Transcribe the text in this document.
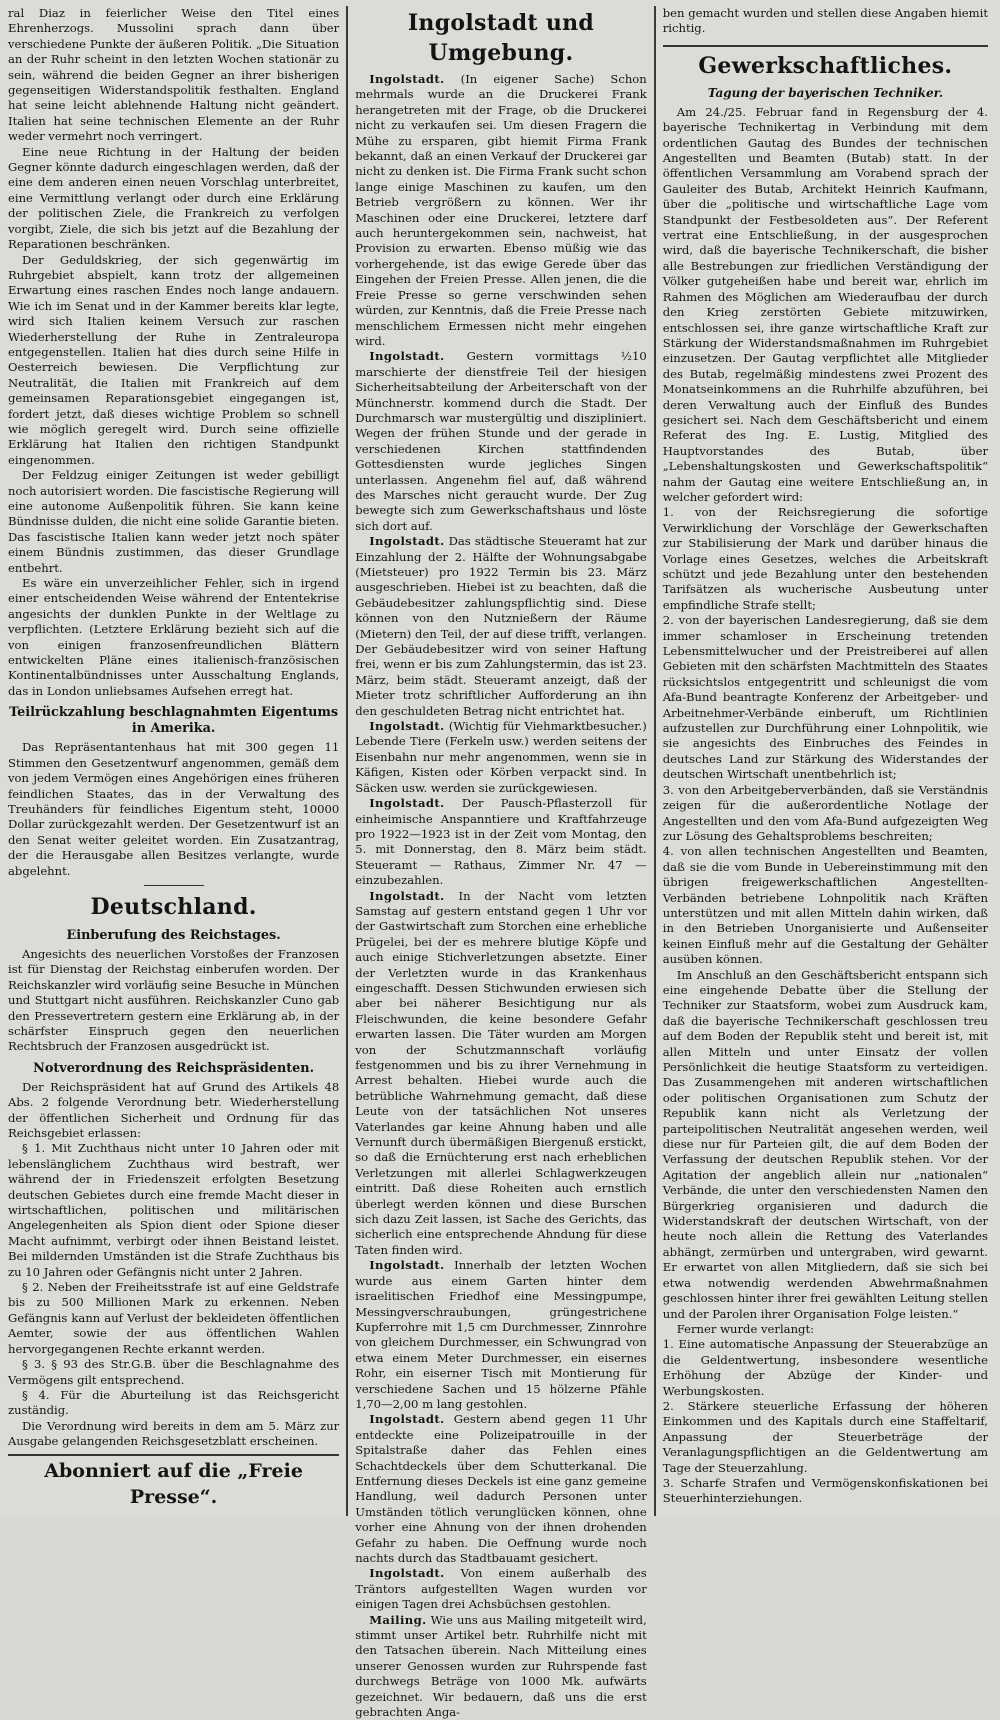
ral Diaz in feierlicher Weise den Titel eines Ehrenherzogs. Mussolini sprach dann über verschiedene Punkte der äußeren Politik. „Die Situation an der Ruhr scheint in den letzten Wochen stationär zu sein, während die beiden Gegner an ihrer bisherigen gegenseitigen Widerstandspolitik festhalten. England hat seine leicht ablehnende Haltung nicht geändert. Italien hat seine technischen Elemente an der Ruhr weder vermehrt noch verringert.

Eine neue Richtung in der Haltung der beiden Gegner könnte dadurch eingeschlagen werden, daß der eine dem anderen einen neuen Vorschlag unterbreitet, eine Vermittlung verlangt oder durch eine Erklärung der politischen Ziele, die Frankreich zu verfolgen vorgibt, Ziele, die sich bis jetzt auf die Bezahlung der Reparationen beschränken.

Der Geduldskrieg, der sich gegenwärtig im Ruhrgebiet abspielt, kann trotz der allgemeinen Erwartung eines raschen Endes noch lange andauern. Wie ich im Senat und in der Kammer bereits klar legte, wird sich Italien keinem Versuch zur raschen Wiederherstellung der Ruhe in Zentraleuropa entgegenstellen. Italien hat dies durch seine Hilfe in Oesterreich bewiesen. Die Verpflichtung zur Neutralität, die Italien mit Frankreich auf dem gemeinsamen Reparationsgebiet eingegangen ist, fordert jetzt, daß dieses wichtige Problem so schnell wie möglich geregelt wird. Durch seine offizielle Erklärung hat Italien den richtigen Standpunkt eingenommen.

Der Feldzug einiger Zeitungen ist weder gebilligt noch autorisiert worden. Die fascistische Regierung will eine autonome Außenpolitik führen. Sie kann keine Bündnisse dulden, die nicht eine solide Garantie bieten. Das fascistische Italien kann weder jetzt noch später einem Bündnis zustimmen, das dieser Grundlage entbehrt.

Es wäre ein unverzeihlicher Fehler, sich in irgend einer entscheidenden Weise während der Ententekrise angesichts der dunklen Punkte in der Weltlage zu verpflichten. (Letztere Erklärung bezieht sich auf die von einigen franzosenfreundlichen Blättern entwickelten Pläne eines italienisch-französischen Kontinentalbündnisses unter Ausschaltung Englands, das in London unliebsames Aufsehen erregt hat.

Teilrückzahlung beschlagnahmten Eigentums in Amerika.

Das Repräsentantenhaus hat mit 300 gegen 11 Stimmen den Gesetzentwurf angenommen, gemäß dem von jedem Vermögen eines Angehörigen eines früheren feindlichen Staates, das in der Verwaltung des Treuhänders für feindliches Eigentum steht, 10000 Dollar zurückgezahlt werden. Der Gesetzentwurf ist an den Senat weiter geleitet worden. Ein Zusatzantrag, der die Herausgabe allen Besitzes verlangte, wurde abgelehnt.

Deutschland.
Einberufung des Reichstages.

Angesichts des neuerlichen Vorstoßes der Franzosen ist für Dienstag der Reichstag einberufen worden. Der Reichskanzler wird vorläufig seine Besuche in München und Stuttgart nicht ausführen. Reichskanzler Cuno gab den Pressevertretern gestern eine Erklärung ab, in der schärfster Einspruch gegen den neuerlichen Rechtsbruch der Franzosen ausgedrückt ist.

Notverordnung des Reichspräsidenten.

Der Reichspräsident hat auf Grund des Artikels 48 Abs. 2 folgende Verordnung betr. Wiederherstellung der öffentlichen Sicherheit und Ordnung für das Reichsgebiet erlassen:

§ 1. Mit Zuchthaus nicht unter 10 Jahren oder mit lebenslänglichem Zuchthaus wird bestraft, wer während der in Friedenszeit erfolgten Besetzung deutschen Gebietes durch eine fremde Macht dieser in wirtschaftlichen, politischen und militärischen Angelegenheiten als Spion dient oder Spione dieser Macht aufnimmt, verbirgt oder ihnen Beistand leistet. Bei mildernden Umständen ist die Strafe Zuchthaus bis zu 10 Jahren oder Gefängnis nicht unter 2 Jahren.

§ 2. Neben der Freiheitsstrafe ist auf eine Geldstrafe bis zu 500 Millionen Mark zu erkennen. Neben Gefängnis kann auf Verlust der bekleideten öffentlichen Aemter, sowie der aus öffentlichen Wahlen hervorgegangenen Rechte erkannt werden.

§ 3. § 93 des Str.G.B. über die Beschlagnahme des Vermögens gilt entsprechend.

§ 4. Für die Aburteilung ist das Reichsgericht zuständig.

Die Verordnung wird bereits in dem am 5. März zur Ausgabe gelangenden Reichsgesetzblatt erscheinen.

Abonniert auf die „Freie Presse“.
Ingolstadt und Umgebung.

Ingolstadt. (In eigener Sache) Schon mehrmals wurde an die Druckerei Frank herangetreten mit der Frage, ob die Druckerei nicht zu verkaufen sei. Um diesen Fragern die Mühe zu ersparen, gibt hiemit Firma Frank bekannt, daß an einen Verkauf der Druckerei gar nicht zu denken ist. Die Firma Frank sucht schon lange einige Maschinen zu kaufen, um den Betrieb vergrößern zu können. Wer ihr Maschinen oder eine Druckerei, letztere darf auch heruntergekommen sein, nachweist, hat Provision zu erwarten. Ebenso müßig wie das vorhergehende, ist das ewige Gerede über das Eingehen der Freien Presse. Allen jenen, die die Freie Presse so gerne verschwinden sehen würden, zur Kenntnis, daß die Freie Presse nach menschlichem Ermessen nicht mehr eingehen wird.

Ingolstadt. Gestern vormittags ½10 marschierte der dienstfreie Teil der hiesigen Sicherheitsabteilung der Arbeiterschaft von der Münchnerstr. kommend durch die Stadt. Der Durchmarsch war mustergültig und diszipliniert. Wegen der frühen Stunde und der gerade in verschiedenen Kirchen stattfindenden Gottesdiensten wurde jegliches Singen unterlassen. Angenehm fiel auf, daß während des Marsches nicht geraucht wurde. Der Zug bewegte sich zum Gewerkschaftshaus und löste sich dort auf.

Ingolstadt. Das städtische Steueramt hat zur Einzahlung der 2. Hälfte der Wohnungsabgabe (Mietsteuer) pro 1922 Termin bis 23. März ausgeschrieben. Hiebei ist zu beachten, daß die Gebäudebesitzer zahlungspflichtig sind. Diese können von den Nutznießern der Räume (Mietern) den Teil, der auf diese trifft, verlangen. Der Gebäudebesitzer wird von seiner Haftung frei, wenn er bis zum Zahlungstermin, das ist 23. März, beim städt. Steueramt anzeigt, daß der Mieter trotz schriftlicher Aufforderung an ihn den geschuldeten Betrag nicht entrichtet hat.

Ingolstadt. (Wichtig für Viehmarktbesucher.) Lebende Tiere (Ferkeln usw.) werden seitens der Eisenbahn nur mehr angenommen, wenn sie in Käfigen, Kisten oder Körben verpackt sind. In Säcken usw. werden sie zurückgewiesen.

Ingolstadt. Der Pausch-Pflasterzoll für einheimische Anspanntiere und Kraftfahrzeuge pro 1922—1923 ist in der Zeit vom Montag, den 5. mit Donnerstag, den 8. März beim städt. Steueramt — Rathaus, Zimmer Nr. 47 — einzubezahlen.

Ingolstadt. In der Nacht vom letzten Samstag auf gestern entstand gegen 1 Uhr vor der Gastwirtschaft zum Storchen eine erhebliche Prügelei, bei der es mehrere blutige Köpfe und auch einige Stichverletzungen absetzte. Einer der Verletzten wurde in das Krankenhaus eingeschafft. Dessen Stichwunden erwiesen sich aber bei näherer Besichtigung nur als Fleischwunden, die keine besondere Gefahr erwarten lassen. Die Täter wurden am Morgen von der Schutzmannschaft vorläufig festgenommen und bis zu ihrer Vernehmung in Arrest behalten. Hiebei wurde auch die betrübliche Wahrnehmung gemacht, daß diese Leute von der tatsächlichen Not unseres Vaterlandes gar keine Ahnung haben und alle Vernunft durch übermäßigen Biergenuß erstickt, so daß die Ernüchterung erst nach erheblichen Verletzungen mit allerlei Schlagwerkzeugen eintritt. Daß diese Roheiten auch ernstlich überlegt werden können und diese Burschen sich dazu Zeit lassen, ist Sache des Gerichts, das sicherlich eine entsprechende Ahndung für diese Taten finden wird.

Ingolstadt. Innerhalb der letzten Wochen wurde aus einem Garten hinter dem israelitischen Friedhof eine Messingpumpe, Messingverschraubungen, grüngestrichene Kupferrohre mit 1,5 cm Durchmesser, Zinnrohre von gleichem Durchmesser, ein Schwungrad von etwa einem Meter Durchmesser, ein eisernes Rohr, ein eiserner Tisch mit Montierung für verschiedene Sachen und 15 hölzerne Pfähle 1,70—2,00 m lang gestohlen.

Ingolstadt. Gestern abend gegen 11 Uhr entdeckte eine Polizeipatrouille in der Spitalstraße daher das Fehlen eines Schachtdeckels über dem Schutterkanal. Die Entfernung dieses Deckels ist eine ganz gemeine Handlung, weil dadurch Personen unter Umständen tötlich verunglücken können, ohne vorher eine Ahnung von der ihnen drohenden Gefahr zu haben. Die Oeffnung wurde noch nachts durch das Stadtbauamt gesichert.

Ingolstadt. Von einem außerhalb des Träntors aufgestellten Wagen wurden vor einigen Tagen drei Achsbüchsen gestohlen.

Mailing. Wie uns aus Mailing mitgeteilt wird, stimmt unser Artikel betr. Ruhrhilfe nicht mit den Tatsachen überein. Nach Mitteilung eines unserer Genossen wurden zur Ruhrspende fast durchwegs Beträge von 1000 Mk. aufwärts gezeichnet. Wir bedauern, daß uns die erst gebrachten Anga-

ben gemacht wurden und stellen diese Angaben hiemit richtig.

Gewerkschaftliches.
Tagung der bayerischen Techniker.

Am 24./25. Februar fand in Regensburg der 4. bayerische Technikertag in Verbindung mit dem ordentlichen Gautag des Bundes der technischen Angestellten und Beamten (Butab) statt. In der öffentlichen Versammlung am Vorabend sprach der Gauleiter des Butab, Architekt Heinrich Kaufmann, über die „politische und wirtschaftliche Lage vom Standpunkt der Festbesoldeten aus“. Der Referent vertrat eine Entschließung, in der ausgesprochen wird, daß die bayerische Technikerschaft, die bisher alle Bestrebungen zur friedlichen Verständigung der Völker gutgeheißen habe und bereit war, ehrlich im Rahmen des Möglichen am Wiederaufbau der durch den Krieg zerstörten Gebiete mitzuwirken, entschlossen sei, ihre ganze wirtschaftliche Kraft zur Stärkung der Widerstandsmaßnahmen im Ruhrgebiet einzusetzen. Der Gautag verpflichtet alle Mitglieder des Butab, regelmäßig mindestens zwei Prozent des Monatseinkommens an die Ruhrhilfe abzuführen, bei deren Verwaltung auch der Einfluß des Bundes gesichert sei. Nach dem Geschäftsbericht und einem Referat des Ing. E. Lustig, Mitglied des Hauptvorstandes des Butab, über „Lebenshaltungskosten und Gewerkschaftspolitik“ nahm der Gautag eine weitere Entschließung an, in welcher gefordert wird:

1. von der Reichsregierung die sofortige Verwirklichung der Vorschläge der Gewerkschaften zur Stabilisierung der Mark und darüber hinaus die Vorlage eines Gesetzes, welches die Arbeitskraft schützt und jede Bezahlung unter den bestehenden Tarifsätzen als wucherische Ausbeutung unter empfindliche Strafe stellt;

2. von der bayerischen Landesregierung, daß sie dem immer schamloser in Erscheinung tretenden Lebensmittelwucher und der Preistreiberei auf allen Gebieten mit den schärfsten Machtmitteln des Staates rücksichtslos entgegentritt und schleunigst die vom Afa-Bund beantragte Konferenz der Arbeitgeber- und Arbeitnehmer-Verbände einberuft, um Richtlinien aufzustellen zur Durchführung einer Lohnpolitik, wie sie angesichts des Einbruches des Feindes in deutsches Land zur Stärkung des Widerstandes der deutschen Wirtschaft unentbehrlich ist;

3. von den Arbeitgeberverbänden, daß sie Verständnis zeigen für die außerordentliche Notlage der Angestellten und den vom Afa-Bund aufgezeigten Weg zur Lösung des Gehaltsproblems beschreiten;

4. von allen technischen Angestellten und Beamten, daß sie die vom Bunde in Uebereinstimmung mit den übrigen freigewerkschaftlichen Angestellten-Verbänden betriebene Lohnpolitik nach Kräften unterstützen und mit allen Mitteln dahin wirken, daß in den Betrieben Unorganisierte und Außenseiter keinen Einfluß mehr auf die Gestaltung der Gehälter ausüben können.

Im Anschluß an den Geschäftsbericht entspann sich eine eingehende Debatte über die Stellung der Techniker zur Staatsform, wobei zum Ausdruck kam, daß die bayerische Technikerschaft geschlossen treu auf dem Boden der Republik steht und bereit ist, mit allen Mitteln und unter Einsatz der vollen Persönlichkeit die heutige Staatsform zu verteidigen. Das Zusammengehen mit anderen wirtschaftlichen oder politischen Organisationen zum Schutz der Republik kann nicht als Verletzung der parteipolitischen Neutralität angesehen werden, weil diese nur für Parteien gilt, die auf dem Boden der Verfassung der deutschen Republik stehen. Vor der Agitation der angeblich allein nur „nationalen“ Verbände, die unter den verschiedensten Namen den Bürgerkrieg organisieren und dadurch die Widerstandskraft der deutschen Wirtschaft, von der heute noch allein die Rettung des Vaterlandes abhängt, zermürben und untergraben, wird gewarnt. Er erwartet von allen Mitgliedern, daß sie sich bei etwa notwendig werdenden Abwehrmaßnahmen geschlossen hinter ihrer frei gewählten Leitung stellen und der Parolen ihrer Organisation Folge leisten.“

Ferner wurde verlangt:

1. Eine automatische Anpassung der Steuerabzüge an die Geldentwertung, insbesondere wesentliche Erhöhung der Abzüge der Kinder- und Werbungskosten.

2. Stärkere steuerliche Erfassung der höheren Einkommen und des Kapitals durch eine Staffeltarif, Anpassung der Steuerbeträge der Veranlagungspflichtigen an die Geldentwertung am Tage der Steuerzahlung.

3. Scharfe Strafen und Vermögenskonfiskationen bei Steuerhinterziehungen.
